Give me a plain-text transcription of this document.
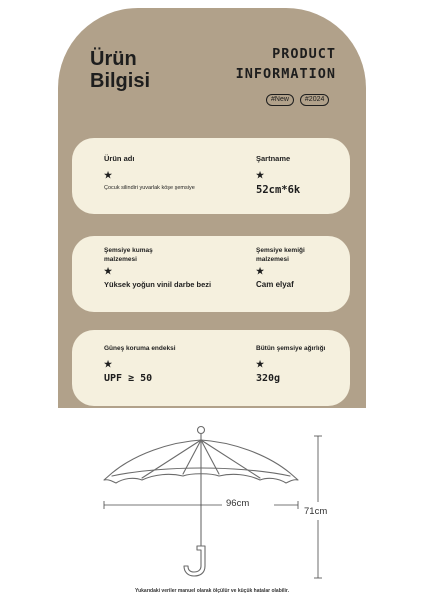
Ürün
Bilgisi
PRODUCT
INFORMATION
#New	#2024
Ürün adı
★
Çocuk silindiri yuvarlak köşe şemsiye
Şartname
★
52cm*6k
Şemsiye kumaş
malzemesi
★
Yüksek yoğun vinil darbe bezi
Şemsiye kemiği
malzemesi
★
Cam elyaf
Güneş koruma endeksi
★
UPF ≥ 50
Bütün şemsiye ağırlığı
★
320g
96cm
71cm
Yukarıdaki veriler manuel olarak ölçülür ve küçük hatalar olabilir.
